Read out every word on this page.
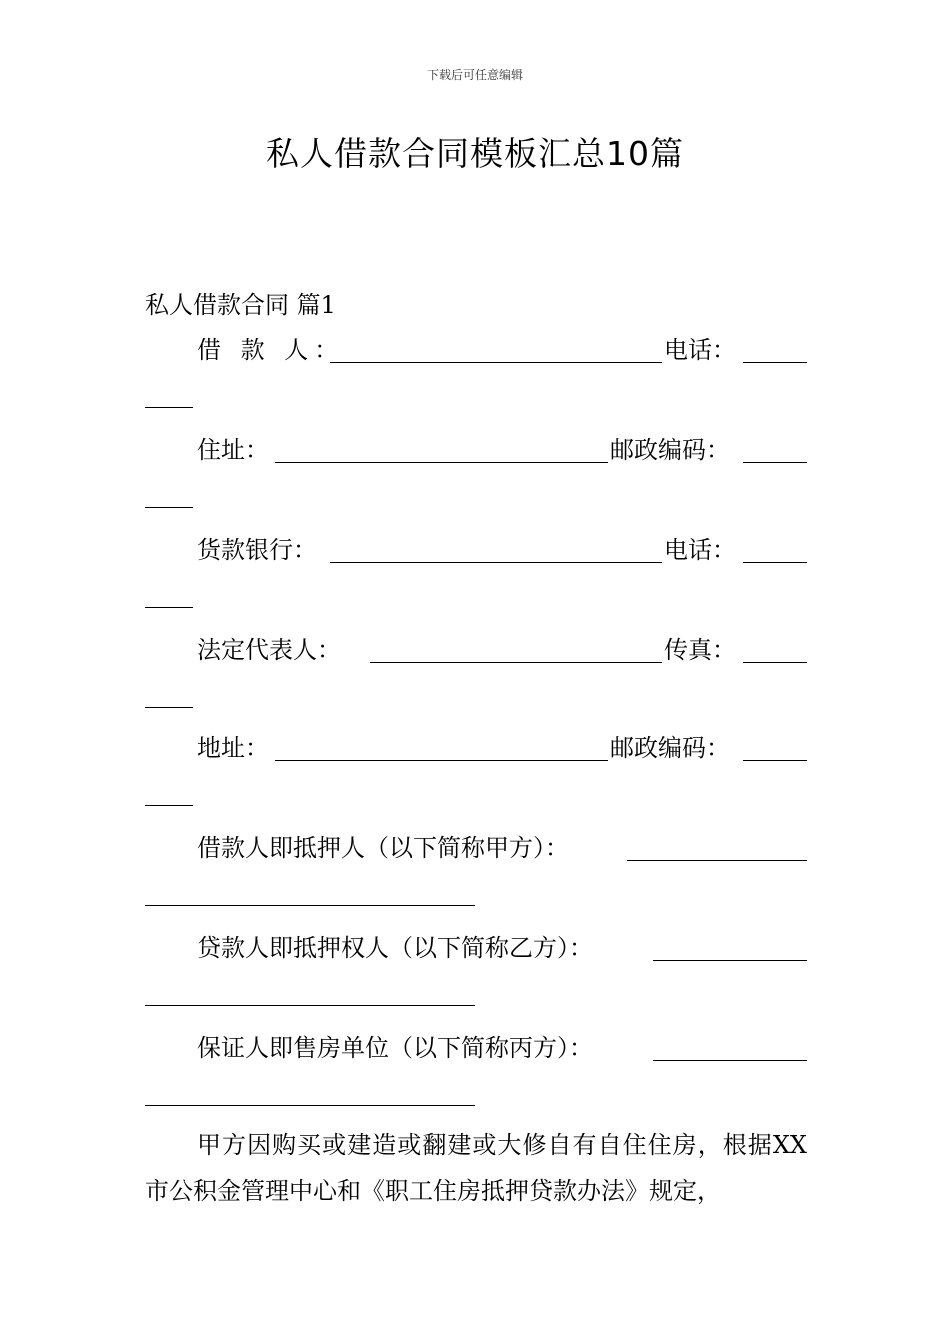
下载后可任意编辑
私人借款合同模板汇总10篇
私人借款合同 篇1
借 款 人：	电话：
住址：	邮政编码：
货款银行：	电话：
法定代表人：	传真：
地址：	邮政编码：
借款人即抵押人（以下简称甲方）：
贷款人即抵押权人（以下简称乙方）：
保证人即售房单位（以下简称丙方）：

甲方因购买或建造或翻建或大修自有自住住房，根据XX市公积金管理中心和《职工住房抵押贷款办法》规定，
